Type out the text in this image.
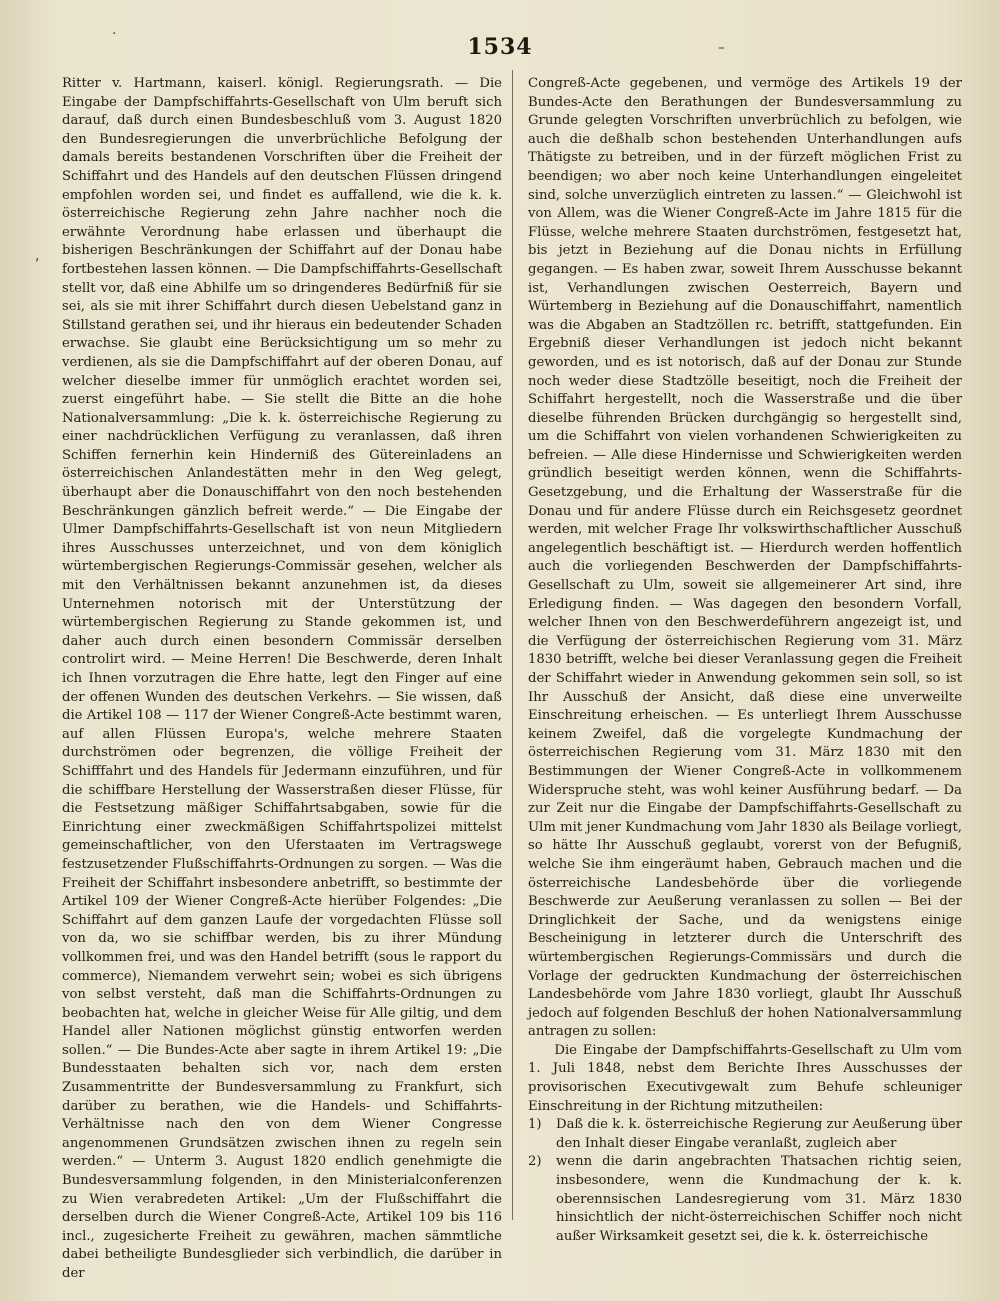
·
–
,
1534

Ritter v. Hartmann, kaiserl. königl. Regierungsrath. — Die Eingabe der Dampfschiffahrts-Gesellschaft von Ulm beruft sich darauf, daß durch einen Bundesbeschluß vom 3. August 1820 den Bundesregierungen die unverbrüchliche Befolgung der damals bereits bestandenen Vorschriften über die Freiheit der Schiffahrt und des Handels auf den deutschen Flüssen dringend empfohlen worden sei, und findet es auffallend, wie die k. k. österreichische Regierung zehn Jahre nachher noch die erwähnte Verordnung habe erlassen und überhaupt die bisherigen Beschränkungen der Schiffahrt auf der Donau habe fortbestehen lassen können. — Die Dampfschiffahrts-Gesellschaft stellt vor, daß eine Abhilfe um so dringenderes Bedürfniß für sie sei, als sie mit ihrer Schiffahrt durch diesen Uebelstand ganz in Stillstand gerathen sei, und ihr hieraus ein bedeutender Schaden erwachse. Sie glaubt eine Berücksichtigung um so mehr zu verdienen, als sie die Dampfschiffahrt auf der oberen Donau, auf welcher dieselbe immer für unmöglich erachtet worden sei, zuerst eingeführt habe. — Sie stellt die Bitte an die hohe Nationalversammlung: „Die k. k. österreichische Regierung zu einer nachdrücklichen Verfügung zu veranlassen, daß ihren Schiffen fernerhin kein Hinderniß des Gütereinladens an österreichischen Anlandestätten mehr in den Weg gelegt, überhaupt aber die Donauschiffahrt von den noch bestehenden Beschränkungen gänzlich befreit werde.“ — Die Eingabe der Ulmer Dampfschiffahrts-Gesellschaft ist von neun Mitgliedern ihres Ausschusses unterzeichnet, und von dem königlich würtembergischen Regierungs-Commissär gesehen, welcher als mit den Verhältnissen bekannt anzunehmen ist, da dieses Unternehmen notorisch mit der Unterstützung der würtembergischen Regierung zu Stande gekommen ist, und daher auch durch einen besondern Commissär derselben controlirt wird. — Meine Herren! Die Beschwerde, deren Inhalt ich Ihnen vorzutragen die Ehre hatte, legt den Finger auf eine der offenen Wunden des deutschen Verkehrs. — Sie wissen, daß die Artikel 108 — 117 der Wiener Congreß-Acte bestimmt waren, auf allen Flüssen Europa's, welche mehrere Staaten durchströmen oder begrenzen, die völlige Freiheit der Schifffahrt und des Handels für Jedermann einzuführen, und für die schiffbare Herstellung der Wasserstraßen dieser Flüsse, für die Festsetzung mäßiger Schiffahrtsabgaben, sowie für die Einrichtung einer zweckmäßigen Schiffahrtspolizei mittelst gemeinschaftlicher, von den Uferstaaten im Vertragswege festzusetzender Flußschiffahrts-Ordnungen zu sorgen. — Was die Freiheit der Schiffahrt insbesondere anbetrifft, so bestimmte der Artikel 109 der Wiener Congreß-Acte hierüber Folgendes: „Die Schiffahrt auf dem ganzen Laufe der vorgedachten Flüsse soll von da, wo sie schiffbar werden, bis zu ihrer Mündung vollkommen frei, und was den Handel betrifft (sous le rapport du commerce), Niemandem verwehrt sein; wobei es sich übrigens von selbst versteht, daß man die Schiffahrts-Ordnungen zu beobachten hat, welche in gleicher Weise für Alle giltig, und dem Handel aller Nationen möglichst günstig entworfen werden sollen.“ — Die Bundes-Acte aber sagte in ihrem Artikel 19: „Die Bundesstaaten behalten sich vor, nach dem ersten Zusammentritte der Bundesversammlung zu Frankfurt, sich darüber zu berathen, wie die Handels- und Schiffahrts-Verhältnisse nach den von dem Wiener Congresse angenommenen Grundsätzen zwischen ihnen zu regeln sein werden.“ — Unterm 3. August 1820 endlich genehmigte die Bundesversammlung folgenden, in den Ministerialconferenzen zu Wien verabredeten Artikel: „Um der Flußschiffahrt die derselben durch die Wiener Congreß-Acte, Artikel 109 bis 116 incl., zugesicherte Freiheit zu gewähren, machen sämmtliche dabei betheiligte Bundesglieder sich verbindlich, die darüber in der

Congreß-Acte gegebenen, und vermöge des Artikels 19 der Bundes-Acte den Berathungen der Bundesversammlung zu Grunde gelegten Vorschriften unverbrüchlich zu befolgen, wie auch die deßhalb schon bestehenden Unterhandlungen aufs Thätigste zu betreiben, und in der fürzeft möglichen Frist zu beendigen; wo aber noch keine Unterhandlungen eingeleitet sind, solche unverzüglich eintreten zu lassen.“ — Gleichwohl ist von Allem, was die Wiener Congreß-Acte im Jahre 1815 für die Flüsse, welche mehrere Staaten durchströmen, festgesetzt hat, bis jetzt in Beziehung auf die Donau nichts in Erfüllung gegangen. — Es haben zwar, soweit Ihrem Ausschusse bekannt ist, Verhandlungen zwischen Oesterreich, Bayern und Würtemberg in Beziehung auf die Donauschiffahrt, namentlich was die Abgaben an Stadtzöllen rc. betrifft, stattgefunden. Ein Ergebniß dieser Verhandlungen ist jedoch nicht bekannt geworden, und es ist notorisch, daß auf der Donau zur Stunde noch weder diese Stadtzölle beseitigt, noch die Freiheit der Schiffahrt hergestellt, noch die Wasserstraße und die über dieselbe führenden Brücken durchgängig so hergestellt sind, um die Schiffahrt von vielen vorhandenen Schwierigkeiten zu befreien. — Alle diese Hindernisse und Schwierigkeiten werden gründlich beseitigt werden können, wenn die Schiffahrts-Gesetzgebung, und die Erhaltung der Wasserstraße für die Donau und für andere Flüsse durch ein Reichsgesetz geordnet werden, mit welcher Frage Ihr volkswirthschaftlicher Ausschuß angelegentlich beschäftigt ist. — Hierdurch werden hoffentlich auch die vorliegenden Beschwerden der Dampfschiffahrts-Gesellschaft zu Ulm, soweit sie allgemeinerer Art sind, ihre Erledigung finden. — Was dagegen den besondern Vorfall, welcher Ihnen von den Beschwerdeführern angezeigt ist, und die Verfügung der österreichischen Regierung vom 31. März 1830 betrifft, welche bei dieser Veranlassung gegen die Freiheit der Schiffahrt wieder in Anwendung gekommen sein soll, so ist Ihr Ausschuß der Ansicht, daß diese eine unverweilte Einschreitung erheischen. — Es unterliegt Ihrem Ausschusse keinem Zweifel, daß die vorgelegte Kundmachung der österreichischen Regierung vom 31. März 1830 mit den Bestimmungen der Wiener Congreß-Acte in vollkommenem Widerspruche steht, was wohl keiner Ausführung bedarf. — Da zur Zeit nur die Eingabe der Dampfschiffahrts-Gesellschaft zu Ulm mit jener Kundmachung vom Jahr 1830 als Beilage vorliegt, so hätte Ihr Ausschuß geglaubt, vorerst von der Befugniß, welche Sie ihm eingeräumt haben, Gebrauch machen und die österreichische Landesbehörde über die vorliegende Beschwerde zur Aeußerung veranlassen zu sollen — Bei der Dringlichkeit der Sache, und da wenigstens einige Bescheinigung in letzterer durch die Unterschrift des würtembergischen Regierungs-Commissärs und durch die Vorlage der gedruckten Kundmachung der österreichischen Landesbehörde vom Jahre 1830 vorliegt, glaubt Ihr Ausschuß jedoch auf folgenden Beschluß der hohen Nationalversammlung antragen zu sollen:

Die Eingabe der Dampfschiffahrts-Gesellschaft zu Ulm vom 1. Juli 1848, nebst dem Berichte Ihres Ausschusses der provisorischen Executivgewalt zum Behufe schleuniger Einschreitung in der Richtung mitzutheilen:

1) Daß die k. k. österreichische Regierung zur Aeußerung über den Inhalt dieser Eingabe veranlaßt, zugleich aber
2) wenn die darin angebrachten Thatsachen richtig seien, insbesondere, wenn die Kundmachung der k. k. oberennsischen Landesregierung vom 31. März 1830 hinsichtlich der nicht-österreichischen Schiffer noch nicht außer Wirksamkeit gesetzt sei, die k. k. österreichische
